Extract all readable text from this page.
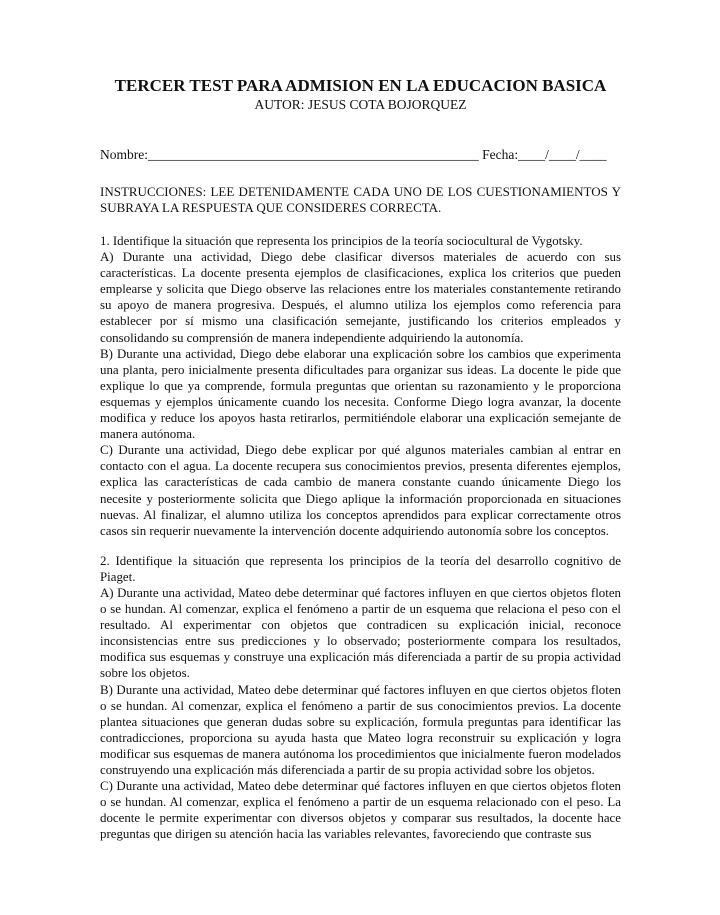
TERCER TEST PARA ADMISION EN LA EDUCACION BASICA
AUTOR: JESUS COTA BOJORQUEZ
Nombre:_________________________________________________ Fecha:____/____/____
INSTRUCCIONES: LEE DETENIDAMENTE CADA UNO DE LOS CUESTIONAMIENTOS Y SUBRAYA LA RESPUESTA QUE CONSIDERES CORRECTA.

1. Identifique la situación que representa los principios de la teoría sociocultural de Vygotsky.

A) Durante una actividad, Diego debe clasificar diversos materiales de acuerdo con sus características. La docente presenta ejemplos de clasificaciones, explica los criterios que pueden emplearse y solicita que Diego observe las relaciones entre los materiales constantemente retirando su apoyo de manera progresiva. Después, el alumno utiliza los ejemplos como referencia para establecer por sí mismo una clasificación semejante, justificando los criterios empleados y consolidando su comprensión de manera independiente adquiriendo la autonomía.

B) Durante una actividad, Diego debe elaborar una explicación sobre los cambios que experimenta una planta, pero inicialmente presenta dificultades para organizar sus ideas. La docente le pide que explique lo que ya comprende, formula preguntas que orientan su razonamiento y le proporciona esquemas y ejemplos únicamente cuando los necesita. Conforme Diego logra avanzar, la docente modifica y reduce los apoyos hasta retirarlos, permitiéndole elaborar una explicación semejante de manera autónoma.

C) Durante una actividad, Diego debe explicar por qué algunos materiales cambian al entrar en contacto con el agua. La docente recupera sus conocimientos previos, presenta diferentes ejemplos, explica las características de cada cambio de manera constante cuando únicamente Diego los necesite y posteriormente solicita que Diego aplique la información proporcionada en situaciones nuevas. Al finalizar, el alumno utiliza los conceptos aprendidos para explicar correctamente otros casos sin requerir nuevamente la intervención docente adquiriendo autonomía sobre los conceptos.

2. Identifique la situación que representa los principios de la teoría del desarrollo cognitivo de Piaget.

A) Durante una actividad, Mateo debe determinar qué factores influyen en que ciertos objetos floten o se hundan. Al comenzar, explica el fenómeno a partir de un esquema que relaciona el peso con el resultado. Al experimentar con objetos que contradicen su explicación inicial, reconoce inconsistencias entre sus predicciones y lo observado; posteriormente compara los resultados, modifica sus esquemas y construye una explicación más diferenciada a partir de su propia actividad sobre los objetos.

B) Durante una actividad, Mateo debe determinar qué factores influyen en que ciertos objetos floten o se hundan. Al comenzar, explica el fenómeno a partir de sus conocimientos previos. La docente plantea situaciones que generan dudas sobre su explicación, formula preguntas para identificar las contradicciones, proporciona su ayuda hasta que Mateo logra reconstruir su explicación y logra modificar sus esquemas de manera autónoma los procedimientos que inicialmente fueron modelados construyendo una explicación más diferenciada a partir de su propia actividad sobre los objetos.

C) Durante una actividad, Mateo debe determinar qué factores influyen en que ciertos objetos floten o se hundan. Al comenzar, explica el fenómeno a partir de un esquema relacionado con el peso. La docente le permite experimentar con diversos objetos y comparar sus resultados, la docente hace preguntas que dirigen su atención hacia las variables relevantes, favoreciendo que contraste sus
